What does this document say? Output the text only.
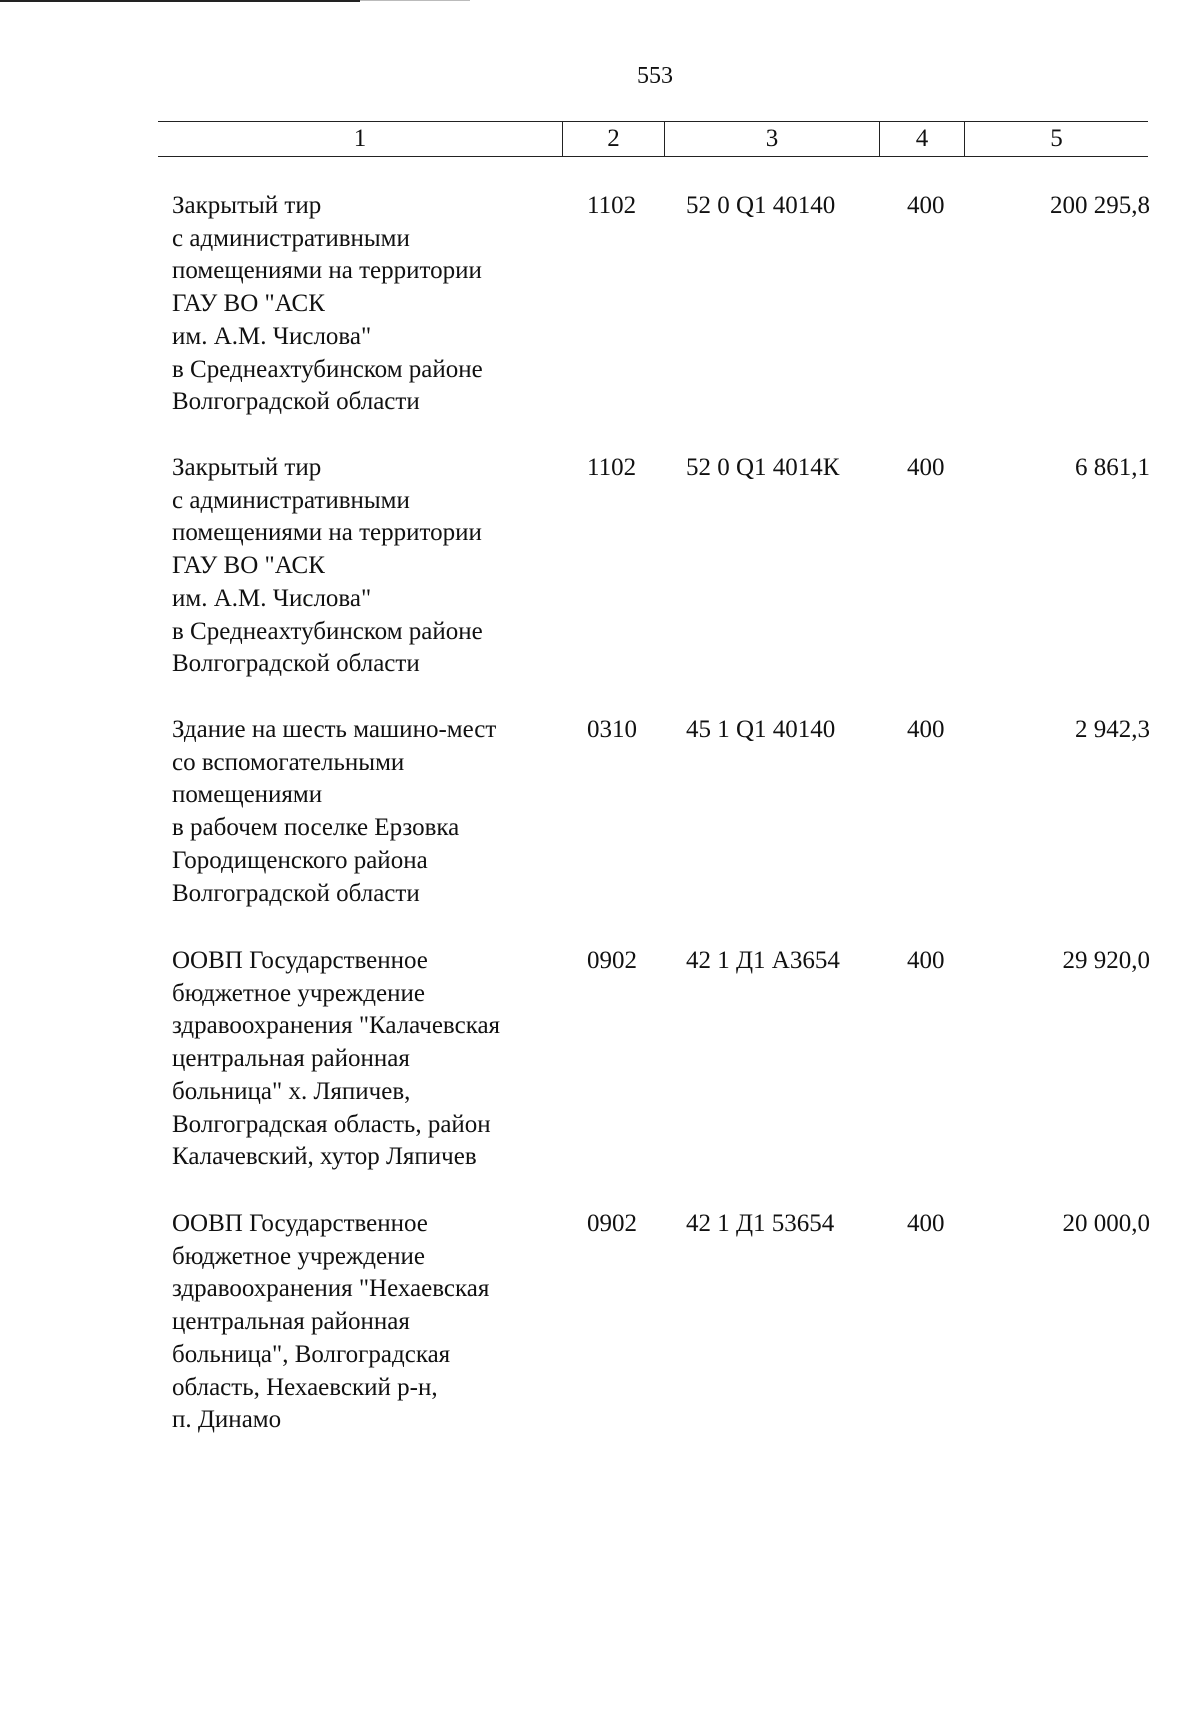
553
1	2	3	4	5
Закрытый тир
с административными
помещениями на территории
ГАУ ВО "АСК
им. А.М. Числова"
в Среднеахтубинском районе
Волгоградской области
1102	52 0 Q1 40140	400	200 295,8
Закрытый тир
с административными
помещениями на территории
ГАУ ВО "АСК
им. А.М. Числова"
в Среднеахтубинском районе
Волгоградской области
1102	52 0 Q1 4014К	400	6 861,1
Здание на шесть машино-мест
со вспомогательными
помещениями
в рабочем поселке Ерзовка
Городищенского района
Волгоградской области
0310	45 1 Q1 40140	400	2 942,3
ООВП Государственное
бюджетное учреждение
здравоохранения "Калачевская
центральная районная
больница" х. Ляпичев,
Волгоградская область, район
Калачевский, хутор Ляпичев
0902	42 1 Д1 А3654	400	29 920,0
ООВП Государственное
бюджетное учреждение
здравоохранения "Нехаевская
центральная районная
больница", Волгоградская
область, Нехаевский р-н,
п. Динамо
0902	42 1 Д1 53654	400	20 000,0
